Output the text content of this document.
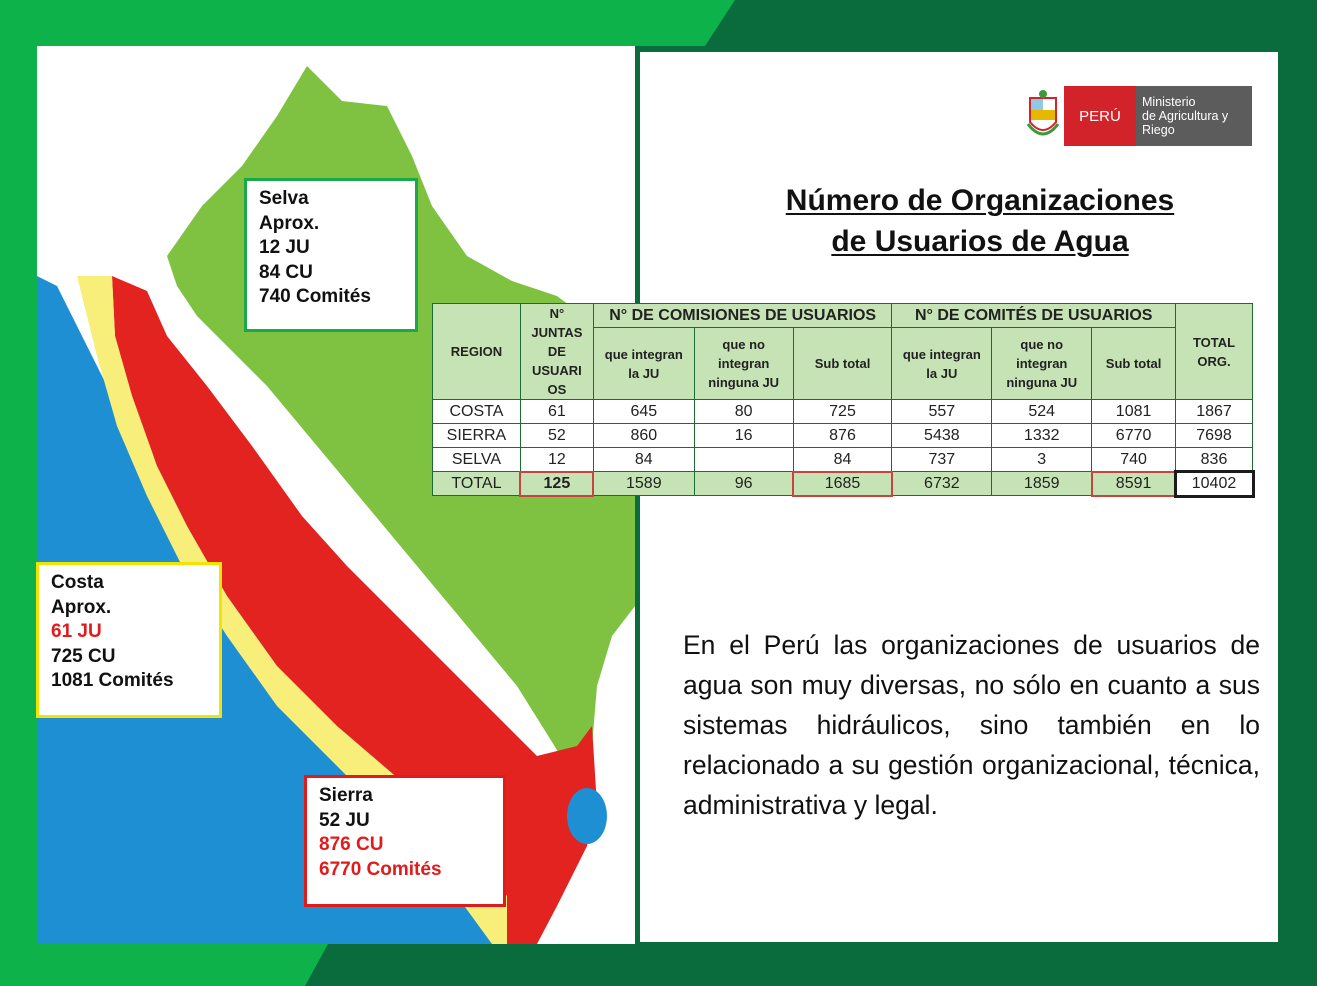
Selva
Aprox.
12 JU
84 CU
740 Comités
Costa
Aprox.
61 JU
725 CU
1081 Comités
Sierra
52 JU
876 CU
6770 Comités
PERÚ
Ministerio
de Agricultura y Riego
Número de Organizaciones
de Usuarios de Agua
REGION	N° JUNTAS DE USUARI OS	N° DE COMISIONES DE USUARIOS			N° DE COMITÉS DE USUARIOS			TOTAL ORG.
		que integran la JU	que no integran ninguna JU	Sub total	que integran la JU	que no integran ninguna JU	Sub total	
COSTA	61	645	80	725	557	524	1081	1867
SIERRA	52	860	16	876	5438	1332	6770	7698
SELVA	12	84		84	737	3	740	836
TOTAL	125	1589	96	1685	6732	1859	8591	10402
En el Perú las organizaciones de usuarios de agua son muy diversas, no sólo en cuanto a sus sistemas hidráulicos, sino también en lo relacionado a su gestión organizacional, técnica, administrativa y legal.
